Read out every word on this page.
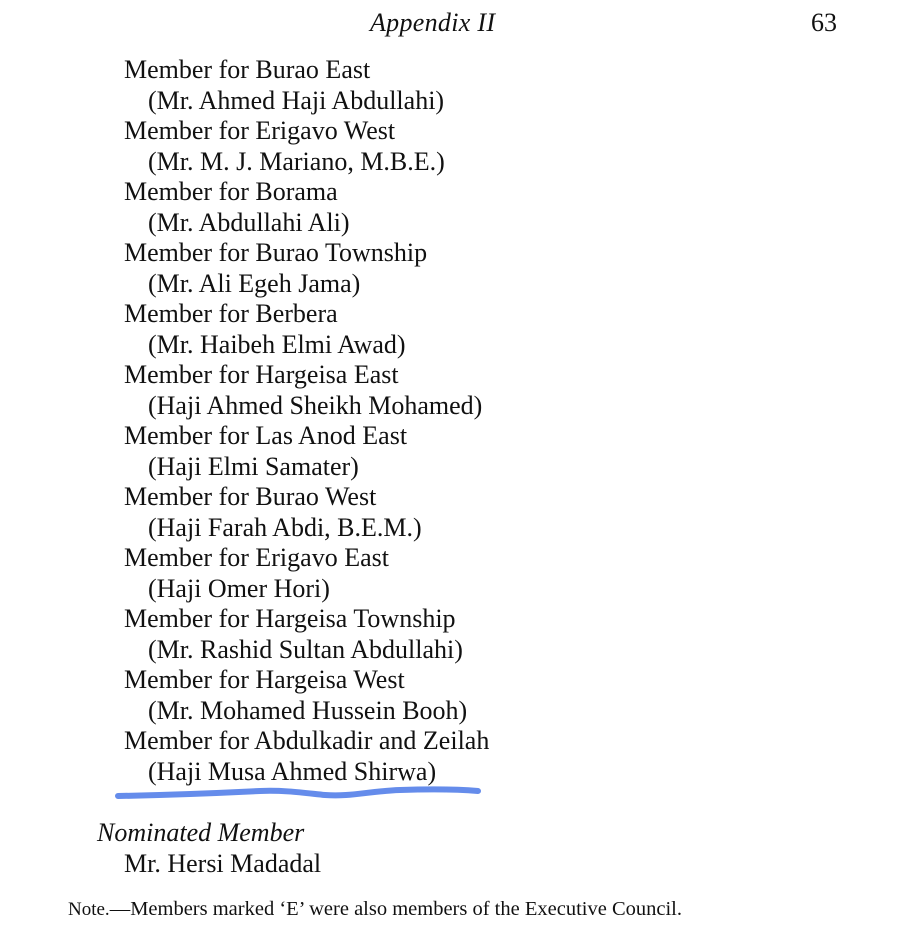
Appendix II	63
Member for Burao East
(Mr. Ahmed Haji Abdullahi)
Member for Erigavo West
(Mr. M. J. Mariano, M.B.E.)
Member for Borama
(Mr. Abdullahi Ali)
Member for Burao Township
(Mr. Ali Egeh Jama)
Member for Berbera
(Mr. Haibeh Elmi Awad)
Member for Hargeisa East
(Haji Ahmed Sheikh Mohamed)
Member for Las Anod East
(Haji Elmi Samater)
Member for Burao West
(Haji Farah Abdi, B.E.M.)
Member for Erigavo East
(Haji Omer Hori)
Member for Hargeisa Township
(Mr. Rashid Sultan Abdullahi)
Member for Hargeisa West
(Mr. Mohamed Hussein Booh)
Member for Abdulkadir and Zeilah
(Haji Musa Ahmed Shirwa)
Nominated Member
Mr. Hersi Madadal
Note.—Members marked ‘E’ were also members of the Executive Council.
